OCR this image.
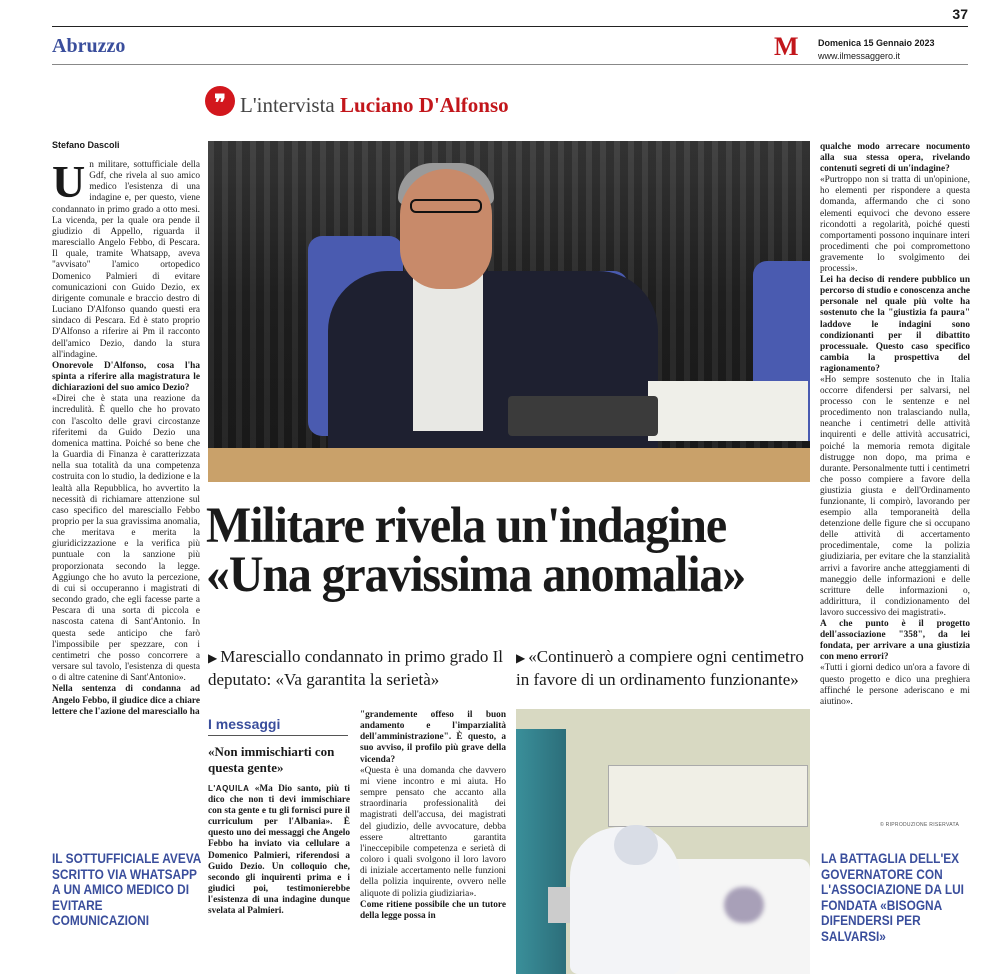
37
Abruzzo	M Domenica 15 Gennaio 2023
www.ilmessaggero.it
❞ L'intervista Luciano D'Alfonso
Stefano Dascoli
U n militare, sottufficiale della Gdf, che rivela al suo amico medico l'esistenza di una indagine e, per questo, viene condannato in primo grado a otto mesi. La vicenda, per la quale ora pende il giudizio di Appello, riguarda il maresciallo Angelo Febbo, di Pescara. Il quale, tramite Whatsapp, aveva "avvisato" l'amico ortopedico Domenico Palmieri di evitare comunicazioni con Guido Dezio, ex dirigente comunale e braccio destro di Luciano D'Alfonso quando questi era sindaco di Pescara. Ed è stato proprio D'Alfonso a riferire ai Pm il racconto dell'amico Dezio, dando la stura all'indagine.

Onorevole D'Alfonso, cosa l'ha spinta a riferire alla magistratura le dichiarazioni del suo amico Dezio?

«Direi che è stata una reazione da incredulità. È quello che ho provato con l'ascolto delle gravi circostanze riferitemi da Guido Dezio una domenica mattina. Poiché so bene che la Guardia di Finanza è caratterizzata nella sua totalità da una competenza costruita con lo studio, la dedizione e la lealtà alla Repubblica, ho avvertito la necessità di richiamare attenzione sul caso specifico del maresciallo Febbo proprio per la sua gravissima anomalia, che meritava e merita la giuridicizzazione e la verifica più puntuale con la sanzione più proporzionata secondo la legge. Aggiungo che ho avuto la percezione, di cui si occuperanno i magistrati di secondo grado, che egli facesse parte a Pescara di una sorta di piccola e nascosta catena di Sant'Antonio. In questa sede anticipo che farò l'impossibile per spezzare, con i centimetri che posso concorrere a versare sul tavolo, l'esistenza di questa o di altre catenine di Sant'Antonio».

Nella sentenza di condanna ad Angelo Febbo, il giudice dice a chiare lettere che l'azione del maresciallo ha

Militare rivela un'indagine
«Una gravissima anomalia»
▶ Maresciallo condannato in primo grado Il deputato: «Va garantita la serietà»
▶ «Continuerò a compiere ogni centimetro in favore di un ordinamento funzionante»
I messaggi
«Non immischiarti con questa gente»
L'AQUILA «Ma Dio santo, più ti dico che non ti devi immischiare con sta gente e tu gli fornisci pure il curriculum per l'Albania». È questo uno dei messaggi che Angelo Febbo ha inviato via cellulare a Domenico Palmieri, riferendosi a Guido Dezio. Un colloquio che, secondo gli inquirenti prima e i giudici poi, testimonierebbe l'esistenza di una indagine dunque svelata al Palmieri.

"grandemente offeso il buon andamento e l'imparzialità dell'amministrazione". È questo, a suo avviso, il profilo più grave della vicenda?

«Questa è una domanda che davvero mi viene incontro e mi aiuta. Ho sempre pensato che accanto alla straordinaria professionalità dei magistrati dell'accusa, dei magistrati del giudizio, delle avvocature, debba essere altrettanto garantita l'ineccepibile competenza e serietà di coloro i quali svolgono il loro lavoro di iniziale accertamento nelle funzioni della polizia inquirente, ovvero nelle aliquote di polizia giudiziaria».

Come ritiene possibile che un tutore della legge possa in

qualche modo arrecare nocumento alla sua stessa opera, rivelando contenuti segreti di un'indagine?

«Purtroppo non si tratta di un'opinione, ho elementi per rispondere a questa domanda, affermando che ci sono elementi equivoci che devono essere ricondotti a regolarità, poiché questi comportamenti possono inquinare interi procedimenti che poi compromettono gravemente lo svolgimento dei processi».

Lei ha deciso di rendere pubblico un percorso di studio e conoscenza anche personale nel quale più volte ha sostenuto che la "giustizia fa paura" laddove le indagini sono condizionanti per il dibattito processuale. Questo caso specifico cambia la prospettiva del ragionamento?

«Ho sempre sostenuto che in Italia occorre difendersi per salvarsi, nel processo con le sentenze e nel procedimento non tralasciando nulla, neanche i centimetri delle attività inquirenti e delle attività accusatrici, poiché la memoria remota digitale distrugge non dopo, ma prima e durante. Personalmente tutti i centimetri che posso compiere a favore della giustizia giusta e dell'Ordinamento funzionante, li compirò, lavorando per esempio alla temporaneità della detenzione delle figure che si occupano delle attività di accertamento procedimentale, come la polizia giudiziaria, per evitare che la stanzialità arrivi a favorire anche atteggiamenti di maneggio delle informazioni e delle scritture delle informazioni o, addirittura, il condizionamento del lavoro successivo dei magistrati».

A che punto è il progetto dell'associazione "358", da lei fondata, per arrivare a una giustizia con meno errori?

«Tutti i giorni dedico un'ora a favore di questo progetto e dico una preghiera affinché le persone aderiscano e mi aiutino».

© RIPRODUZIONE RISERVATA
IL SOTTUFFICIALE AVEVA SCRITTO VIA WHATSAPP A UN AMICO MEDICO DI EVITARE COMUNICAZIONI
LA BATTAGLIA DELL'EX GOVERNATORE CON L'ASSOCIAZIONE DA LUI FONDATA «BISOGNA DIFENDERSI PER SALVARSI»
